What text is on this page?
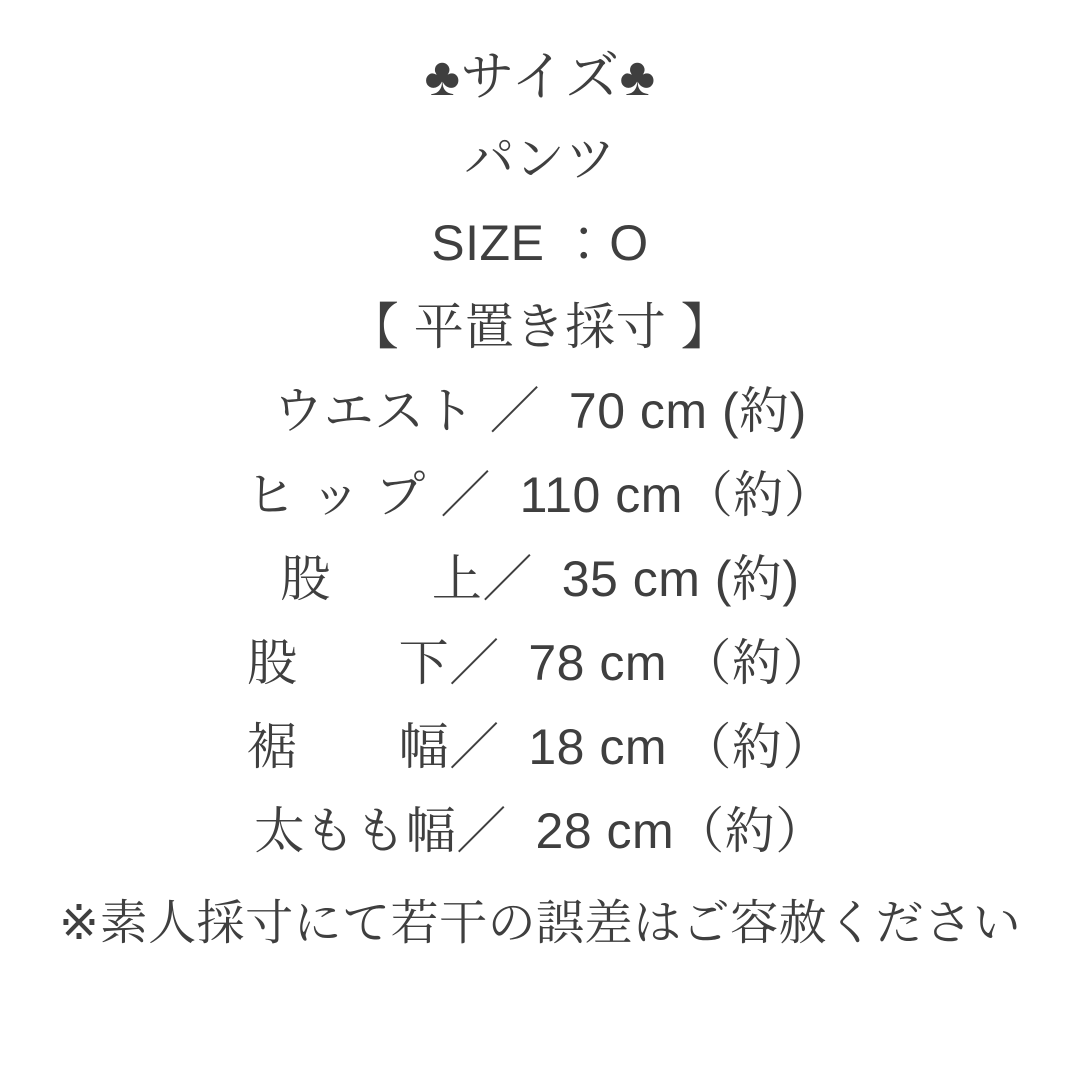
♣サイズ♣
パンツ
SIZE ：O
【 平置き採寸 】
ウエスト ／  70 cm (約)
ヒ ッ プ ／  110 cm（約）
股　　上／  35 cm (約)
股　　下／  78 cm （約）
裾　　幅／  18 cm （約）
太もも幅／  28 cm（約）
※素人採寸にて若干の誤差はご容赦ください
